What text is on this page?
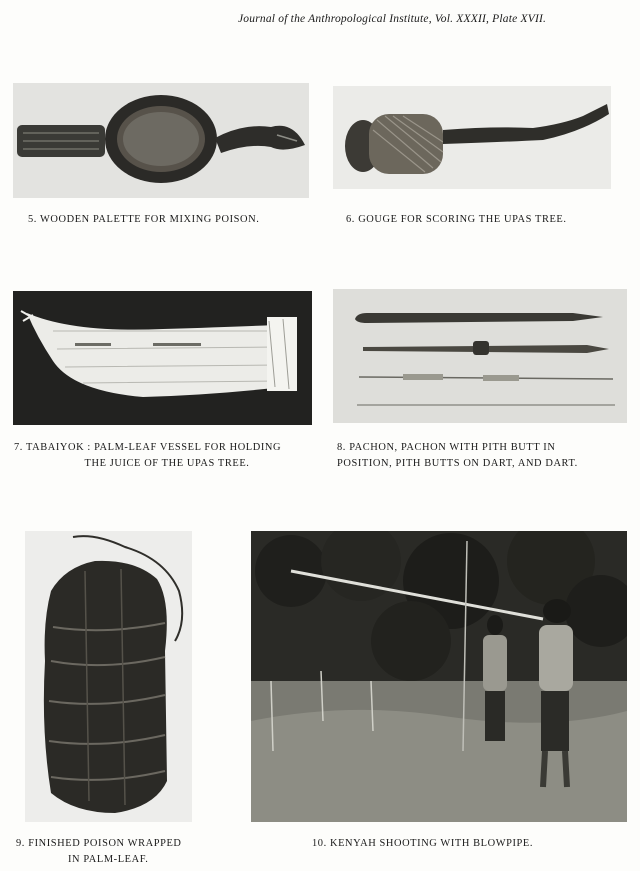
Journal of the Anthropological Institute, Vol. XXXII, Plate XVII.
5. WOODEN PALETTE FOR MIXING POISON.	6. GOUGE FOR SCORING THE UPAS TREE.
7. TABAIYOK : PALM-LEAF VESSEL FOR HOLDING
THE JUICE OF THE UPAS TREE.
8. PACHON, PACHON WITH PITH BUTT IN
POSITION, PITH BUTTS ON DART, AND DART.
9. FINISHED POISON WRAPPED
IN PALM-LEAF.
10. KENYAH SHOOTING WITH BLOWPIPE.
